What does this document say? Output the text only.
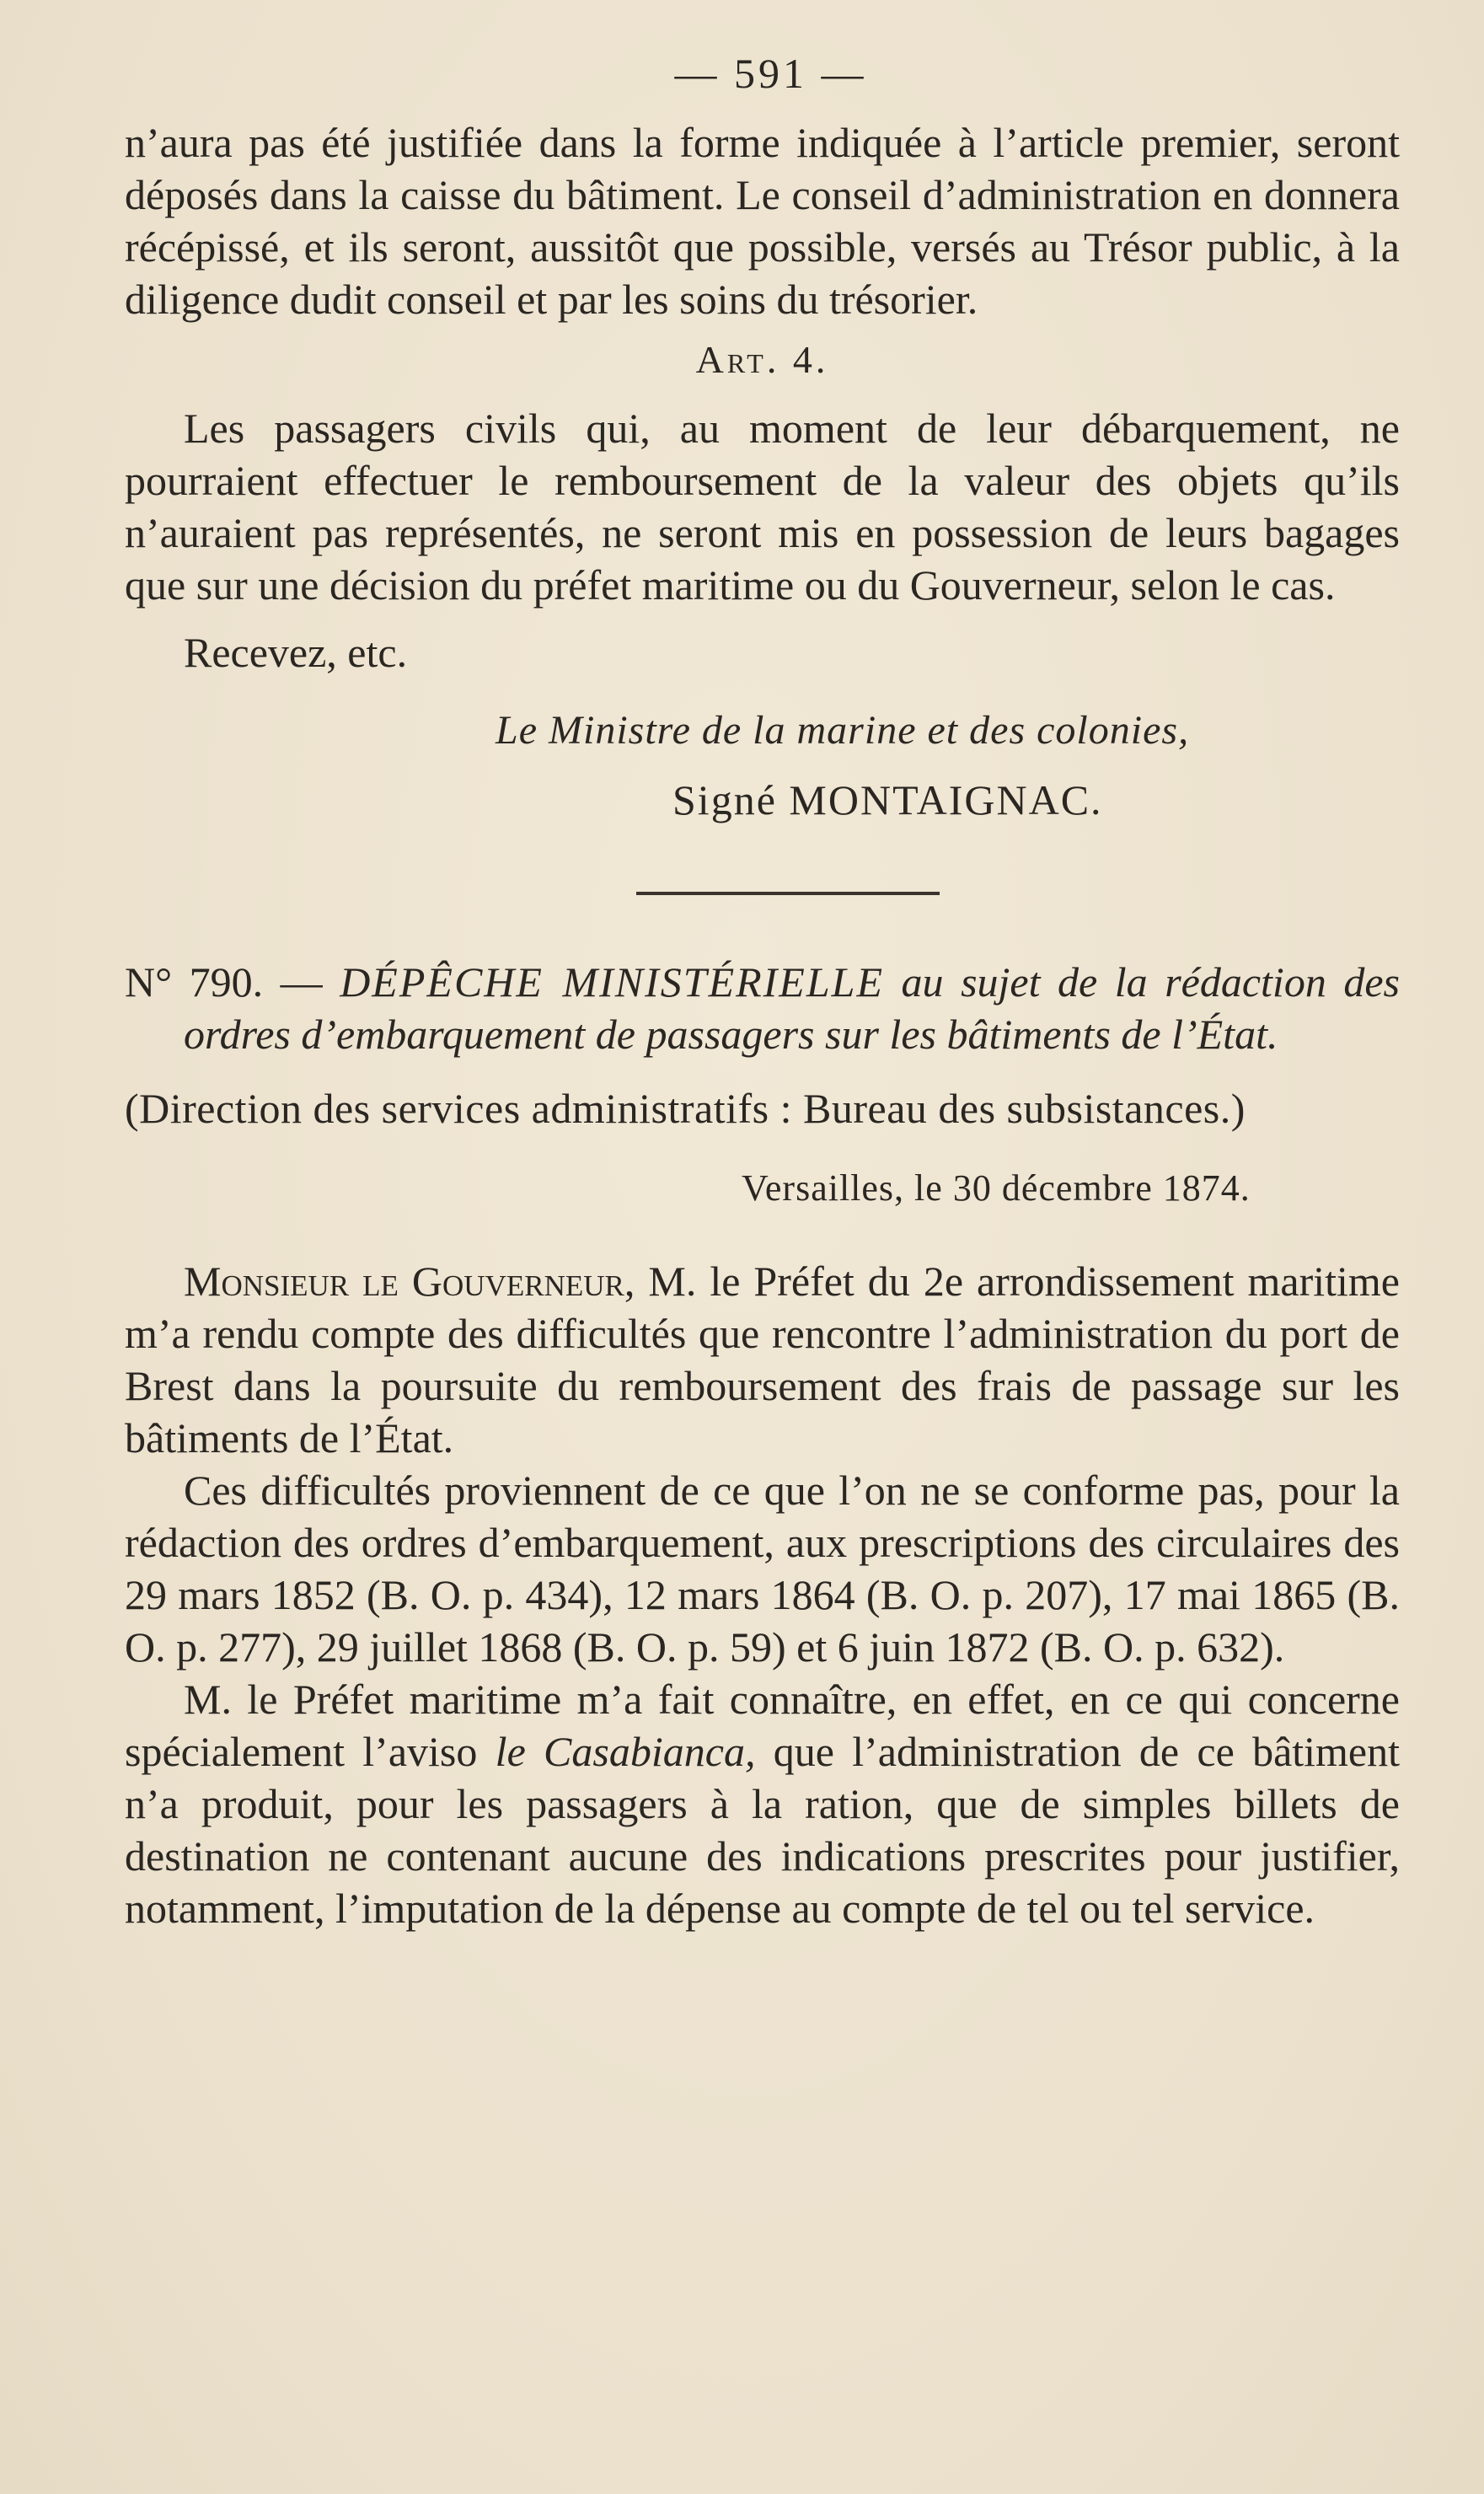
— 591 —

n’aura pas été justifiée dans la forme indiquée à l’article premier, seront déposés dans la caisse du bâtiment. Le conseil d’administration en donnera récépissé, et ils seront, aussitôt que possible, versés au Trésor public, à la diligence dudit conseil et par les soins du trésorier.

Art. 4.

Les passagers civils qui, au moment de leur débarquement, ne pourraient effectuer le remboursement de la valeur des objets qu’ils n’auraient pas représentés, ne seront mis en possession de leurs bagages que sur une décision du préfet maritime ou du Gouverneur, selon le cas.

Recevez, etc.

Le Ministre de la marine et des colonies,
Signé MONTAIGNAC.

N° 790. — DÉPÊCHE MINISTÉRIELLE au sujet de la rédaction des ordres d’embarquement de passagers sur les bâtiments de l’État.

(Direction des services administratifs : Bureau des subsistances.)
Versailles, le 30 décembre 1874.

Monsieur le Gouverneur, M. le Préfet du 2e arrondissement maritime m’a rendu compte des difficultés que rencontre l’administration du port de Brest dans la poursuite du remboursement des frais de passage sur les bâtiments de l’État.

Ces difficultés proviennent de ce que l’on ne se conforme pas, pour la rédaction des ordres d’embarquement, aux prescriptions des circulaires des 29 mars 1852 (B. O. p. 434), 12 mars 1864 (B. O. p. 207), 17 mai 1865 (B. O. p. 277), 29 juillet 1868 (B. O. p. 59) et 6 juin 1872 (B. O. p. 632).

M. le Préfet maritime m’a fait connaître, en effet, en ce qui concerne spécialement l’aviso le Casabianca, que l’administration de ce bâtiment n’a produit, pour les passagers à la ration, que de simples billets de destination ne contenant aucune des indications prescrites pour justifier, notamment, l’imputation de la dépense au compte de tel ou tel service.
